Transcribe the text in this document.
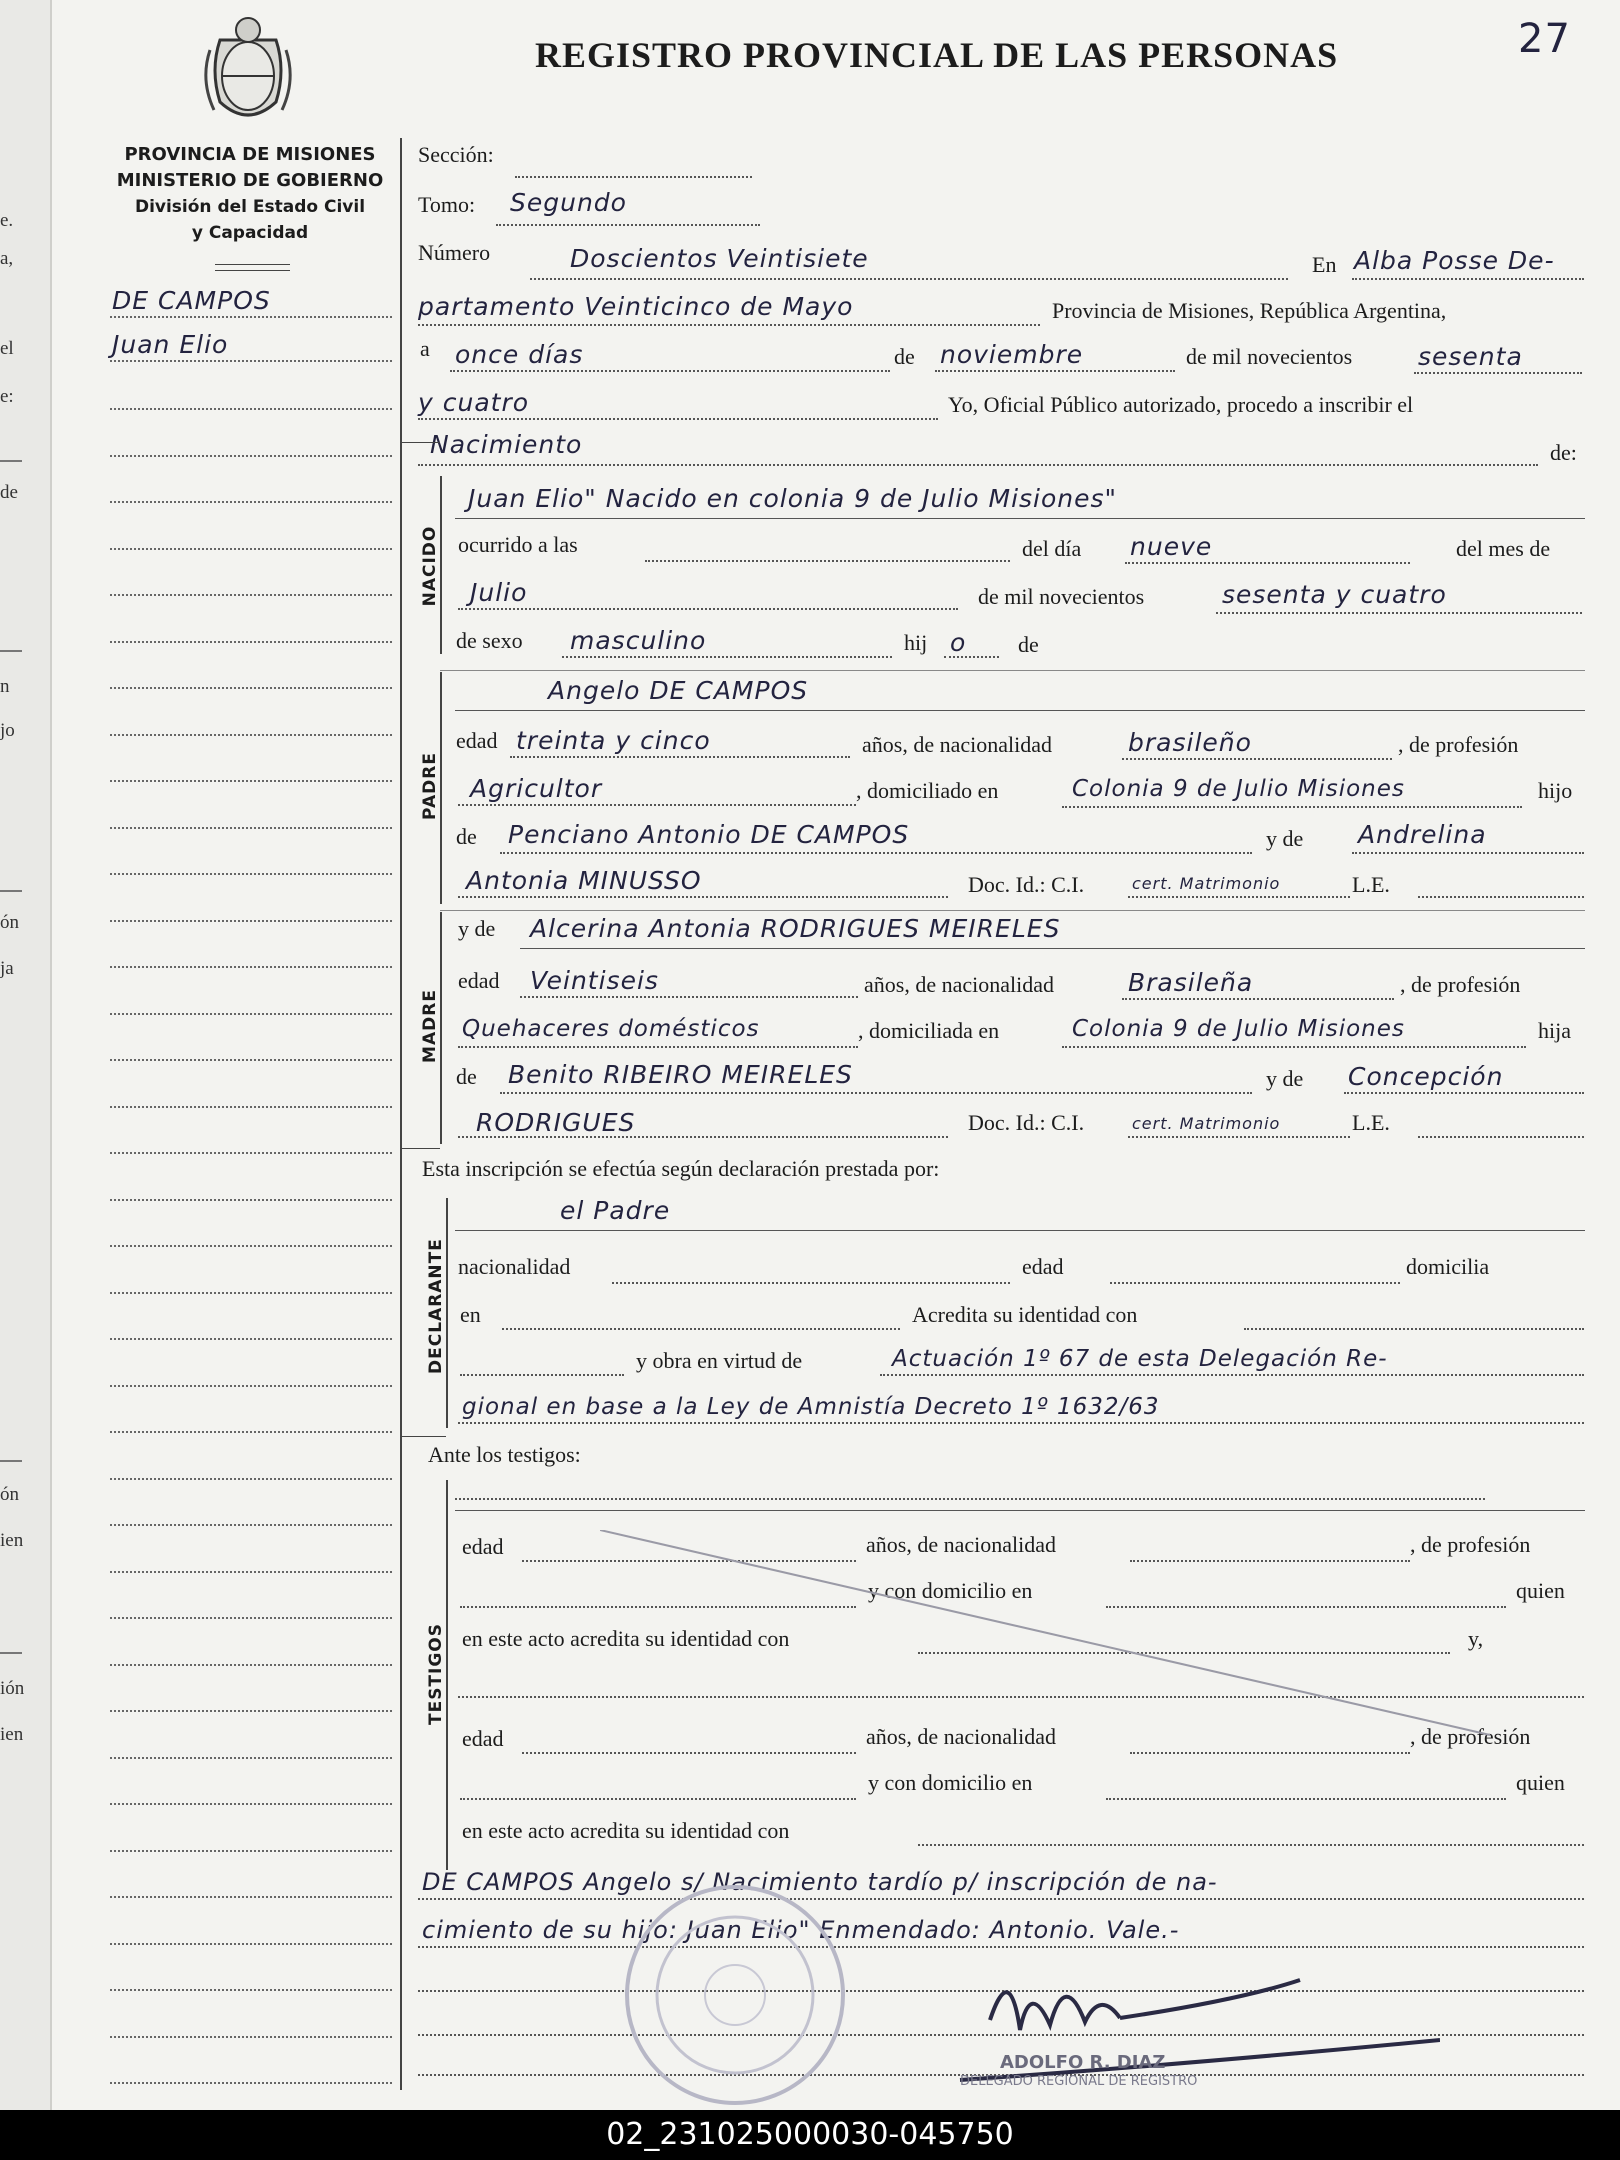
e.
a,
el
e:
de
n
jo
ón
ja
ón
ien
ión
ien
REGISTRO PROVINCIAL DE LAS PERSONAS	27
PROVINCIA DE MISIONES
MINISTERIO DE GOBIERNO
División del Estado Civil
y Capacidad
DE CAMPOS
Juan Elio
Sección:
Tomo: Segundo
Número	Doscientos Veintisiete	En Alba Posse De-
partamento Veinticinco de Mayo	Provincia de Misiones, República Argentina,
a once días	de noviembre	de mil novecientos	sesenta
y cuatro	Yo, Oficial Público autorizado, procedo a inscribir el
Nacimiento	de:
NACIDO
Juan Elio" Nacido en colonia 9 de Julio Misiones"
ocurrido a las	del día nueve	del mes de
Julio	de mil novecientos	sesenta y cuatro
de sexo masculino	hij o de
PADRE
Angelo DE CAMPOS
edad treinta y cinco	años, de nacionalidad	brasileño	, de profesión
Agricultor	, domiciliado en	Colonia 9 de Julio Misiones	hijo
de Penciano Antonio DE CAMPOS	y de Andrelina
Antonia MINUSSO	Doc. Id.: C.I.	cert. Matrimonio	L.E.
MADRE
y de Alcerina Antonia RODRIGUES MEIRELES
edad Veintiseis	años, de nacionalidad	Brasileña	, de profesión
Quehaceres domésticos	, domiciliada en	Colonia 9 de Julio Misiones	hija
de Benito RIBEIRO MEIRELES	y de Concepción
RODRIGUES	Doc. Id.: C.I.	cert. Matrimonio	L.E.
Esta inscripción se efectúa según declaración prestada por:
DECLARANTE
el Padre
nacionalidad	edad	domicilia
en	Acredita su identidad con
y obra en virtud de	Actuación 1º 67 de esta Delegación Re-
gional en base a la Ley de Amnistía Decreto 1º 1632/63
Ante los testigos:
TESTIGOS
edad	años, de nacionalidad	, de profesión
y con domicilio en	quien
en este acto acredita su identidad con	y,
edad	años, de nacionalidad	, de profesión
y con domicilio en	quien
en este acto acredita su identidad con
DE CAMPOS Angelo s/ Nacimiento tardío p/ inscripción de na-
cimiento de su hijo: Juan Elio" Enmendado: Antonio. Vale.-
ADOLFO R. DIAZ
DELEGADO REGIONAL DE REGISTRO
02_231025000030-045750
